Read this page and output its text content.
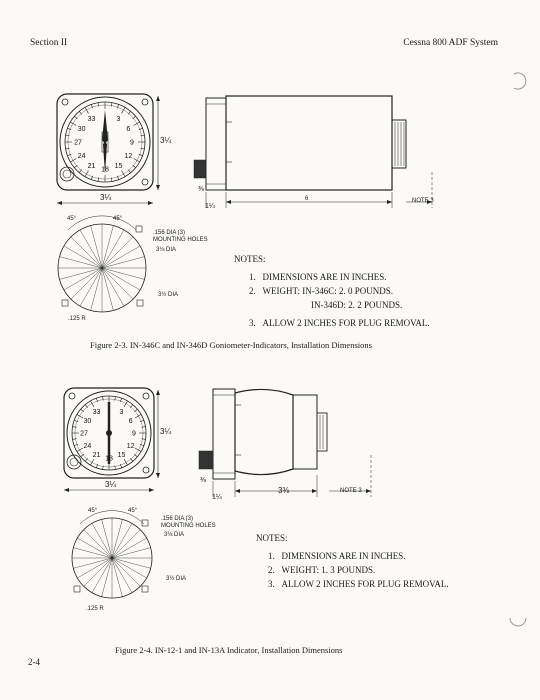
Section II	Cessna 800 ADF System
33	3
30	6
27	9
24	12
21	15
18
3¼
3¼
6
1¼
⅜
NOTE 3
45°	45°
.156 DIA (3)
MOUNTING HOLES
3⅛ DIA
3½ DIA
.125 R
NOTES:
1. DIMENSIONS ARE IN INCHES.
2. WEIGHT: IN-346C: 2. 0 POUNDS.
IN-346D: 2. 2 POUNDS.
3. ALLOW 2 INCHES FOR PLUG REMOVAL.
Figure 2-3. IN-346C and IN-346D Goniometer-Indicators, Installation Dimensions
33	3
30	6
27	9
24	12
21 15
18
3¼
3¼
3⅜
1¼
⅜
NOTE 3
45°	45°
.156 DIA (3)
MOUNTING HOLES
3⅛ DIA
3½ DIA
.125 R
NOTES:
1. DIMENSIONS ARE IN INCHES.
2. WEIGHT: 1. 3 POUNDS.
3. ALLOW 2 INCHES FOR PLUG REMOVAL.
Figure 2-4. IN-12-1 and IN-13A Indicator, Installation Dimensions
2-4
